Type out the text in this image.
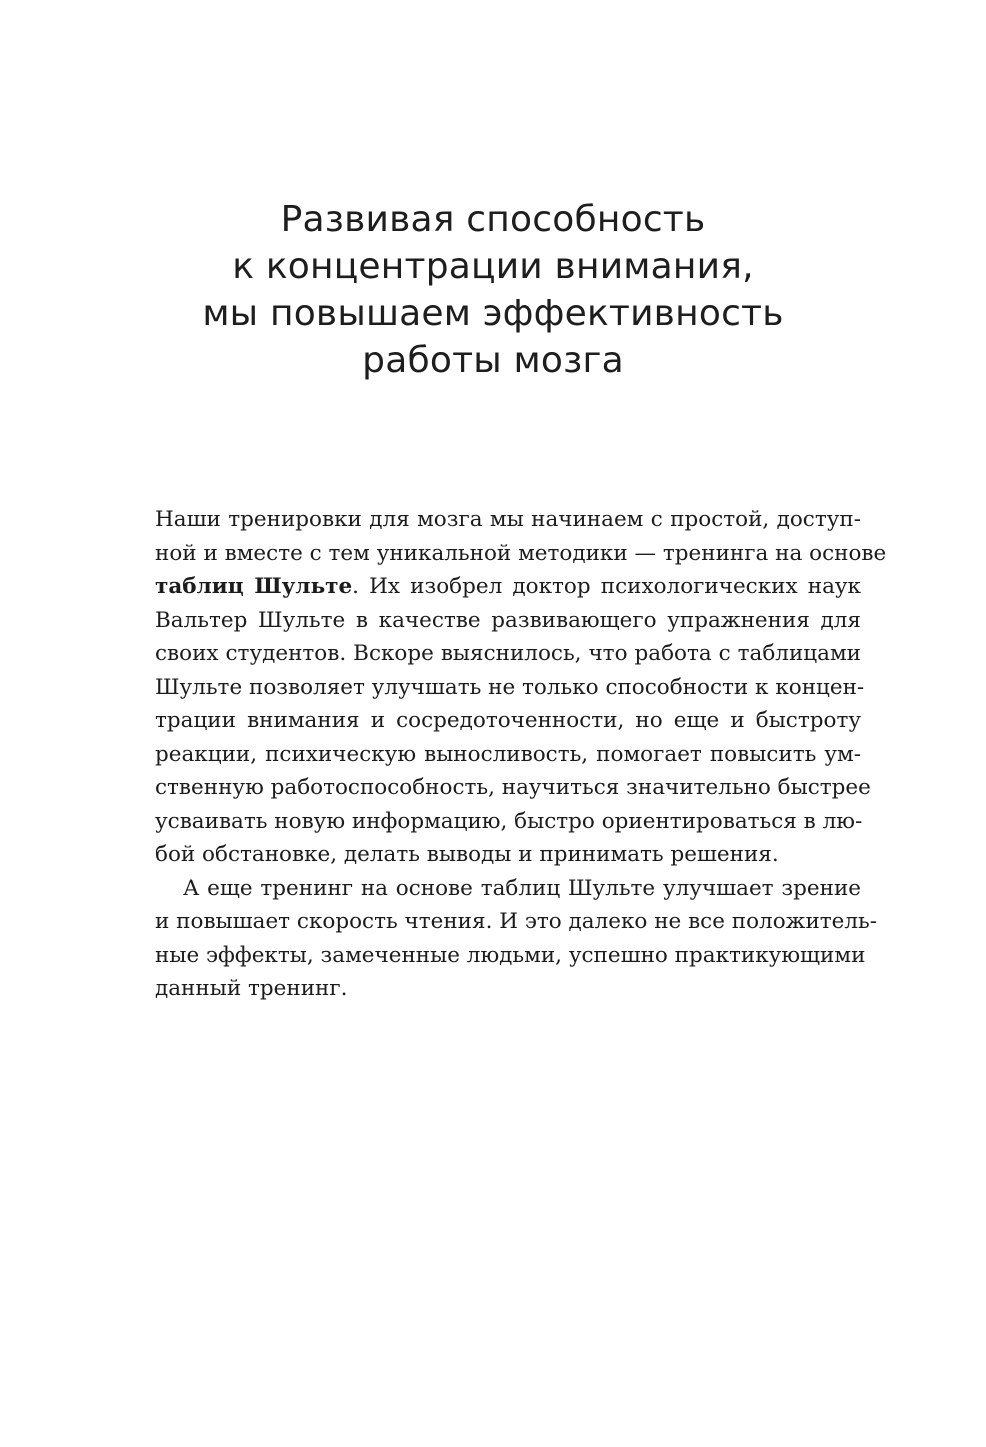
Развивая способность
к концентрации внимания,
мы повышаем эффективность
работы мозга
Наши тренировки для мозга мы начинаем с простой, доступ-
ной и вместе с тем уникальной методики — тренинга на основе
таблиц Шульте. Их изобрел доктор психологических наук
Вальтер Шульте в качестве развивающего упражнения для
своих студентов. Вскоре выяснилось, что работа с таблицами
Шульте позволяет улучшать не только способности к концен-
трации внимания и сосредоточенности, но еще и быстроту
реакции, психическую выносливость, помогает повысить ум-
ственную работоспособность, научиться значительно быстрее
усваивать новую информацию, быстро ориентироваться в лю-
бой обстановке, делать выводы и принимать решения.
А еще тренинг на основе таблиц Шульте улучшает зрение
и повышает скорость чтения. И это далеко не все положитель-
ные эффекты, замеченные людьми, успешно практикующими
данный тренинг.
